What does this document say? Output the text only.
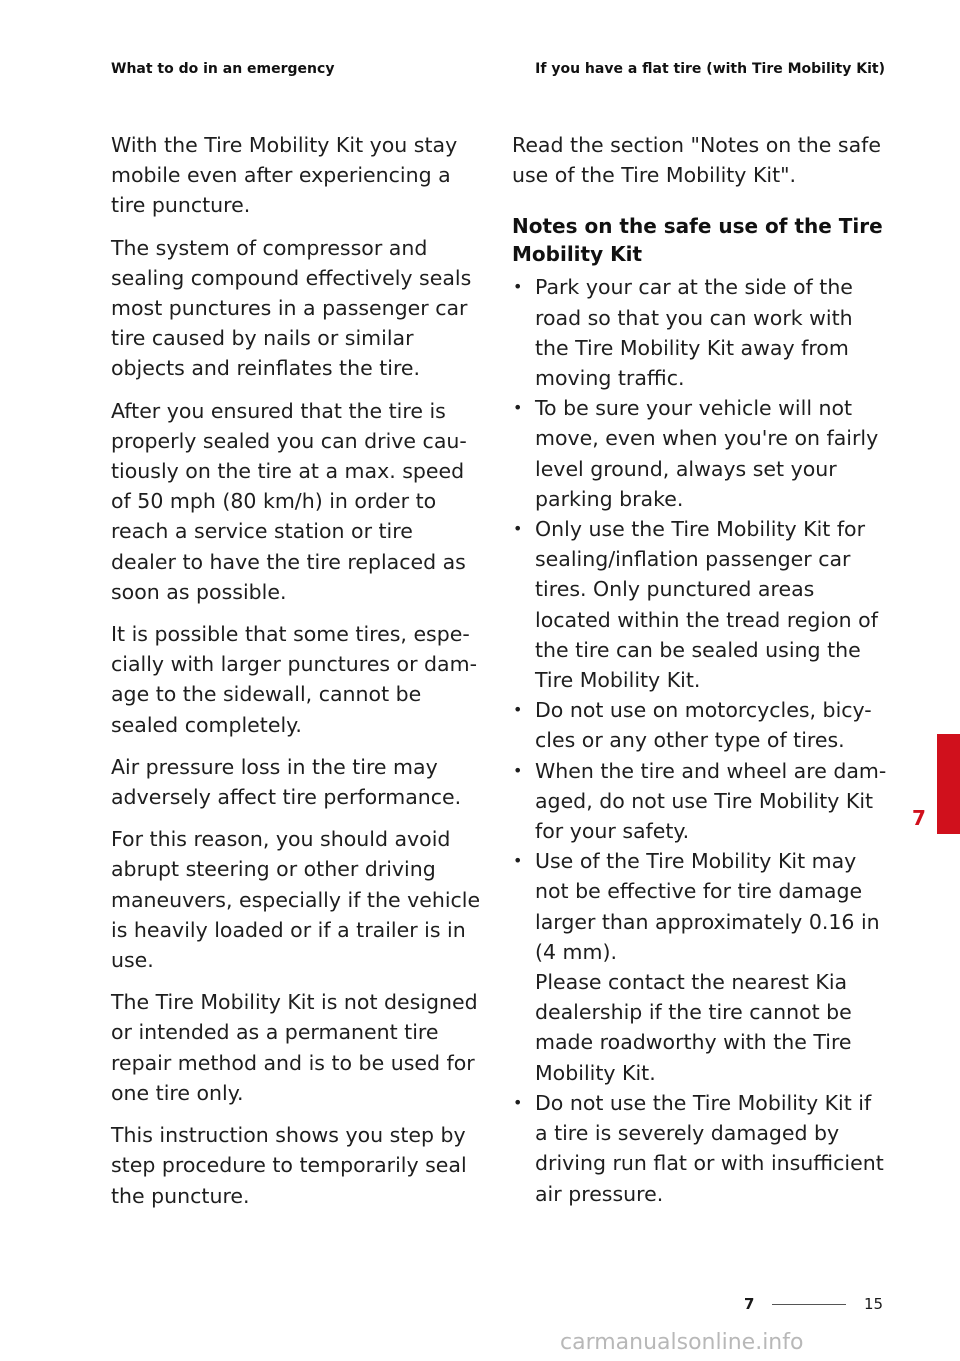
What to do in an emergency	If you have a flat tire (with Tire Mobility Kit)

With the Tire Mobility Kit you stay mobile even after experiencing a tire puncture.

The system of compressor and sealing compound effectively seals most punctures in a passenger car tire caused by nails or similar objects and reinflates the tire.

After you ensured that the tire is properly sealed you can drive cau-tiously on the tire at a max. speed of 50 mph (80 km/h) in order to reach a service station or tire dealer to have the tire replaced as soon as possible.

It is possible that some tires, espe-cially with larger punctures or dam-age to the sidewall, cannot be sealed completely.

Air pressure loss in the tire may adversely affect tire performance.

For this reason, you should avoid abrupt steering or other driving maneuvers, especially if the vehicle is heavily loaded or if a trailer is in use.

The Tire Mobility Kit is not designed or intended as a permanent tire repair method and is to be used for one tire only.

This instruction shows you step by step procedure to temporarily seal the puncture.

Read the section "Notes on the safe use of the Tire Mobility Kit".

Notes on the safe use of the Tire Mobility Kit
• Park your car at the side of the road so that you can work with the Tire Mobility Kit away from moving traffic.
• To be sure your vehicle will not move, even when you're on fairly level ground, always set your parking brake.
• Only use the Tire Mobility Kit for sealing/inflation passenger car tires. Only punctured areas located within the tread region of the tire can be sealed using the Tire Mobility Kit.
• Do not use on motorcycles, bicy-cles or any other type of tires.
• When the tire and wheel are dam-aged, do not use Tire Mobility Kit for your safety.
• Use of the Tire Mobility Kit may not be effective for tire damage larger than approximately 0.16 in (4 mm).
Please contact the nearest Kia dealership if the tire cannot be made roadworthy with the Tire Mobility Kit.
• Do not use the Tire Mobility Kit if a tire is severely damaged by driving run flat or with insufficient air pressure.
7
7	15
carmanualsonline.info
